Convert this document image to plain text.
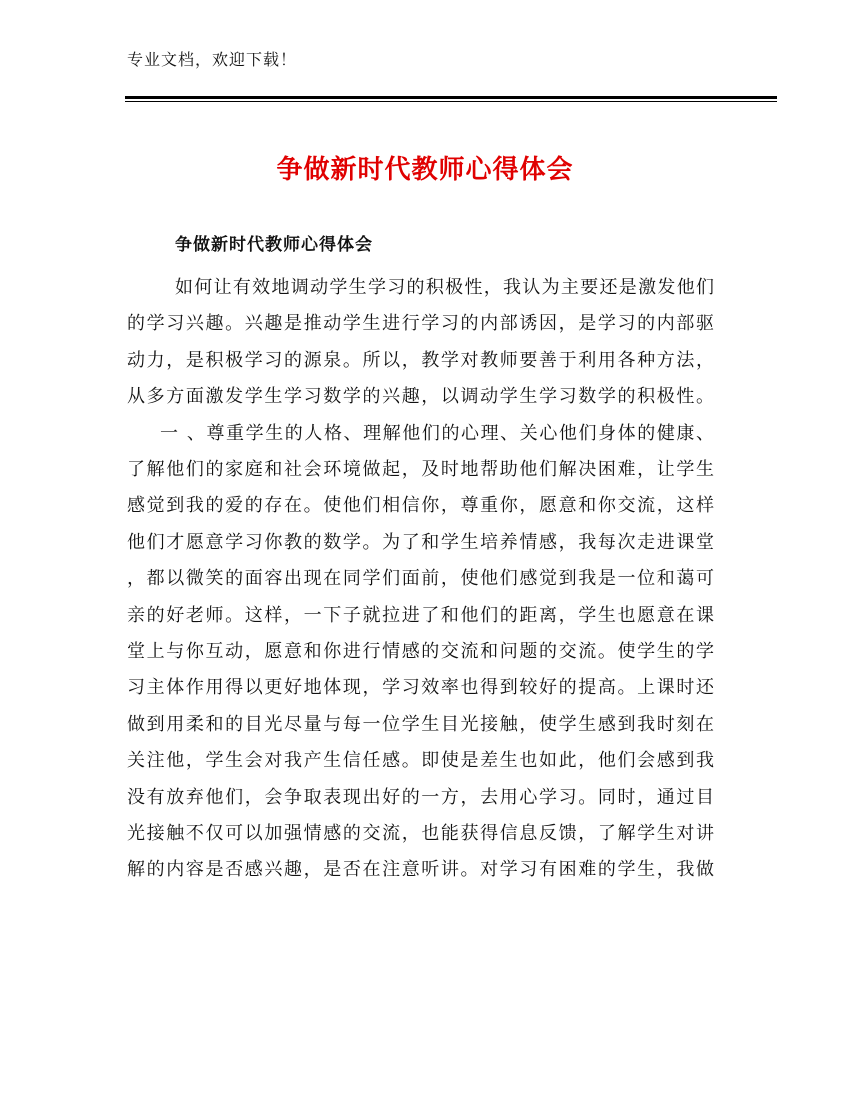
专业文档，欢迎下载！
争做新时代教师心得体会
争做新时代教师心得体会
如何让有效地调动学生学习的积极性，我认为主要还是激发他们
的学习兴趣。兴趣是推动学生进行学习的内部诱因，是学习的内部驱
动力，是积极学习的源泉。所以，教学对教师要善于利用各种方法，
从多方面激发学生学习数学的兴趣，以调动学生学习数学的积极性。
一 、尊重学生的人格、理解他们的心理、关心他们身体的健康、
了解他们的家庭和社会环境做起，及时地帮助他们解决困难，让学生
感觉到我的爱的存在。使他们相信你，尊重你，愿意和你交流，这样
他们才愿意学习你教的数学。为了和学生培养情感，我每次走进课堂
，都以微笑的面容出现在同学们面前，使他们感觉到我是一位和蔼可
亲的好老师。这样，一下子就拉进了和他们的距离，学生也愿意在课
堂上与你互动，愿意和你进行情感的交流和问题的交流。使学生的学
习主体作用得以更好地体现，学习效率也得到较好的提高。上课时还
做到用柔和的目光尽量与每一位学生目光接触，使学生感到我时刻在
关注他，学生会对我产生信任感。即使是差生也如此，他们会感到我
没有放弃他们，会争取表现出好的一方，去用心学习。同时，通过目
光接触不仅可以加强情感的交流，也能获得信息反馈，了解学生对讲
解的内容是否感兴趣，是否在注意听讲。对学习有困难的学生，我做
